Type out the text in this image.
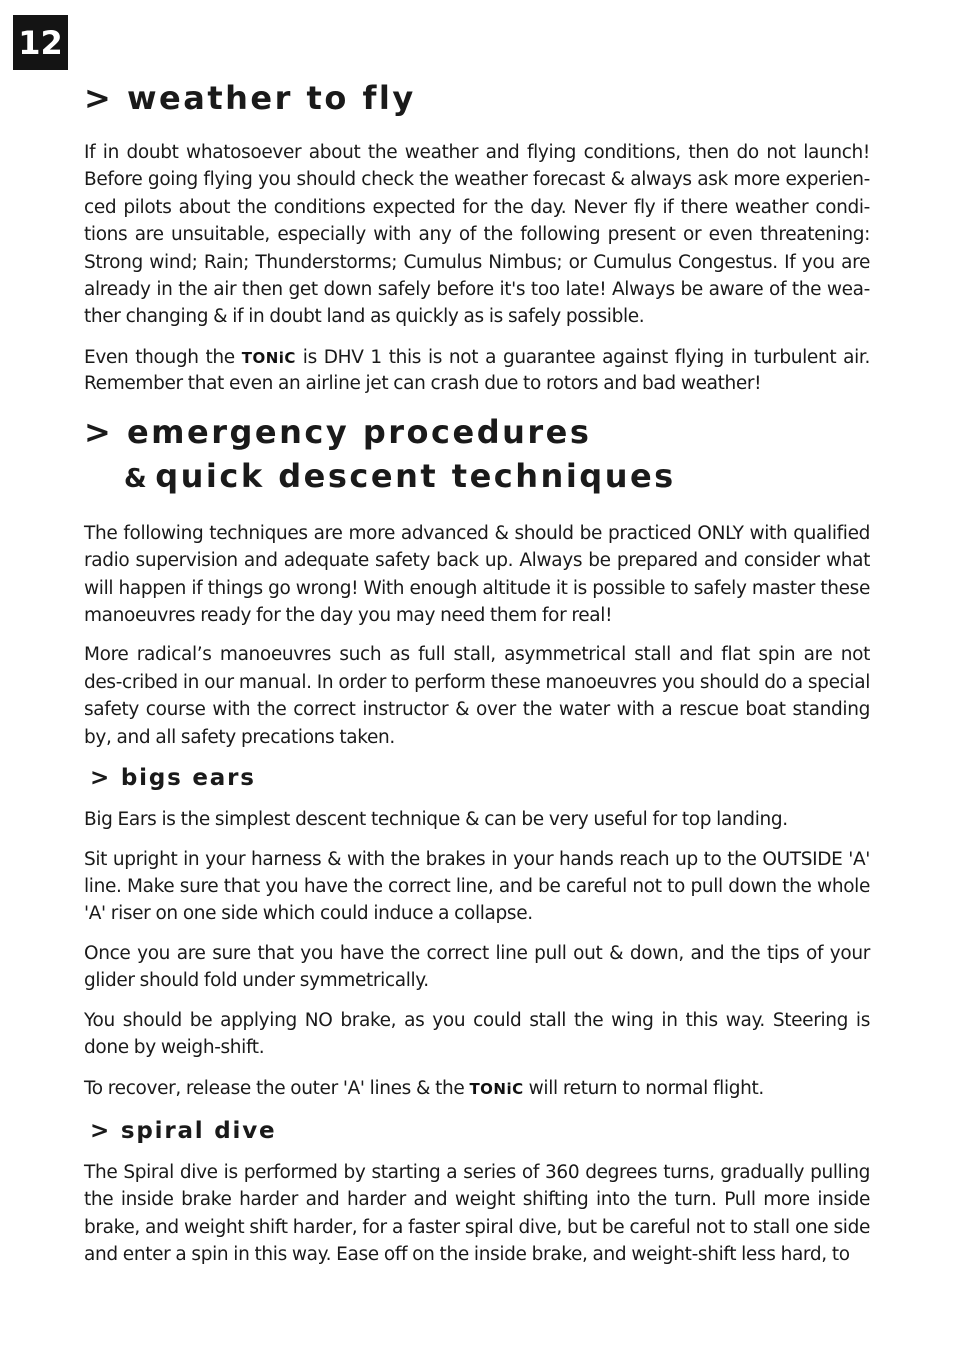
12
> weather to fly

If in doubt whatosoever about the weather and flying conditions, then do not launch! Before going flying you should check the weather forecast & always ask more experien-ced pilots about the conditions expected for the day. Never fly if there weather condi-tions are unsuitable, especially with any of the following present or even threatening: Strong wind; Rain; Thunderstorms; Cumulus Nimbus; or Cumulus Congestus. If you are already in the air then get down safely before it's too late! Always be aware of the wea-ther changing & if in doubt land as quickly as is safely possible.

Even though the TONiC is DHV 1 this is not a guarantee against flying in turbulent air. Remember that even an airline jet can crash due to rotors and bad weather!

> emergency procedures
& quick descent techniques

The following techniques are more advanced & should be practiced ONLY with qualified radio supervision and adequate safety back up. Always be prepared and consider what will happen if things go wrong! With enough altitude it is possible to safely master these manoeuvres ready for the day you may need them for real!

More radical’s manoeuvres such as full stall, asymmetrical stall and flat spin are not des-cribed in our manual. In order to perform these manoeuvres you should do a special safety course with the correct instructor & over the water with a rescue boat standing by, and all safety precations taken.

> bigs ears

Big Ears is the simplest descent technique & can be very useful for top landing.

Sit upright in your harness & with the brakes in your hands reach up to the OUTSIDE 'A' line. Make sure that you have the correct line, and be careful not to pull down the whole 'A' riser on one side which could induce a collapse.

Once you are sure that you have the correct line pull out & down, and the tips of your glider should fold under symmetrically.

You should be applying NO brake, as you could stall the wing in this way. Steering is done by weigh-shift.

To recover, release the outer 'A' lines & the TONiC will return to normal flight.

> spiral dive

The Spiral dive is performed by starting a series of 360 degrees turns, gradually pulling the inside brake harder and harder and weight shifting into the turn. Pull more inside brake, and weight shift harder, for a faster spiral dive, but be careful not to stall one side and enter a spin in this way. Ease off on the inside brake, and weight-shift less hard, to
